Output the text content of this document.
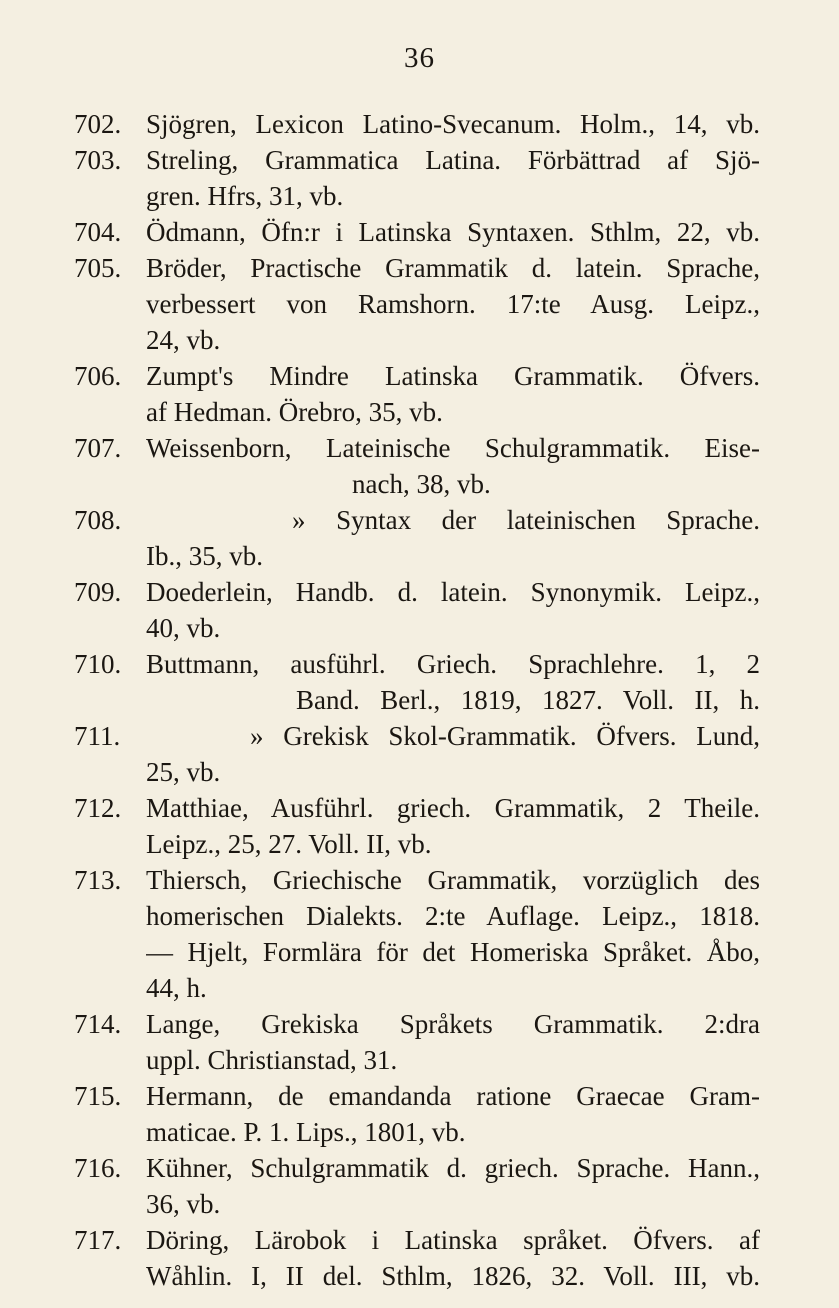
36
702. Sjögren, Lexicon Latino-Svecanum. Holm., 14, vb.
703. Streling, Grammatica Latina. Förbättrad af Sjö-
gren. Hfrs, 31, vb.
704. Ödmann, Öfn:r i Latinska Syntaxen. Sthlm, 22, vb.
705. Bröder, Practische Grammatik d. latein. Sprache,
verbessert von Ramshorn. 17:te Ausg. Leipz.,
24, vb.
706. Zumpt's Mindre Latinska Grammatik. Öfvers.
af Hedman. Örebro, 35, vb.
707. Weissenborn, Lateinische Schulgrammatik. Eise-
nach, 38, vb.
708.	» Syntax der lateinischen Sprache.
Ib., 35, vb.
709. Doederlein, Handb. d. latein. Synonymik. Leipz.,
40, vb.
710. Buttmann, ausführl. Griech. Sprachlehre. 1, 2
Band. Berl., 1819, 1827. Voll. II, h.
711.	» Grekisk Skol-Grammatik. Öfvers. Lund,
25, vb.
712. Matthiae, Ausführl. griech. Grammatik, 2 Theile.
Leipz., 25, 27. Voll. II, vb.
713. Thiersch, Griechische Grammatik, vorzüglich des
homerischen Dialekts. 2:te Auflage. Leipz., 1818.
— Hjelt, Formlära för det Homeriska Språket. Åbo,
44, h.
714. Lange, Grekiska Språkets Grammatik. 2:dra
uppl. Christianstad, 31.
715. Hermann, de emandanda ratione Graecae Gram-
maticae. P. 1. Lips., 1801, vb.
716. Kühner, Schulgrammatik d. griech. Sprache. Hann.,
36, vb.
717. Döring, Lärobok i Latinska språket. Öfvers. af
Wåhlin. I, II del. Sthlm, 1826, 32. Voll. III, vb.
